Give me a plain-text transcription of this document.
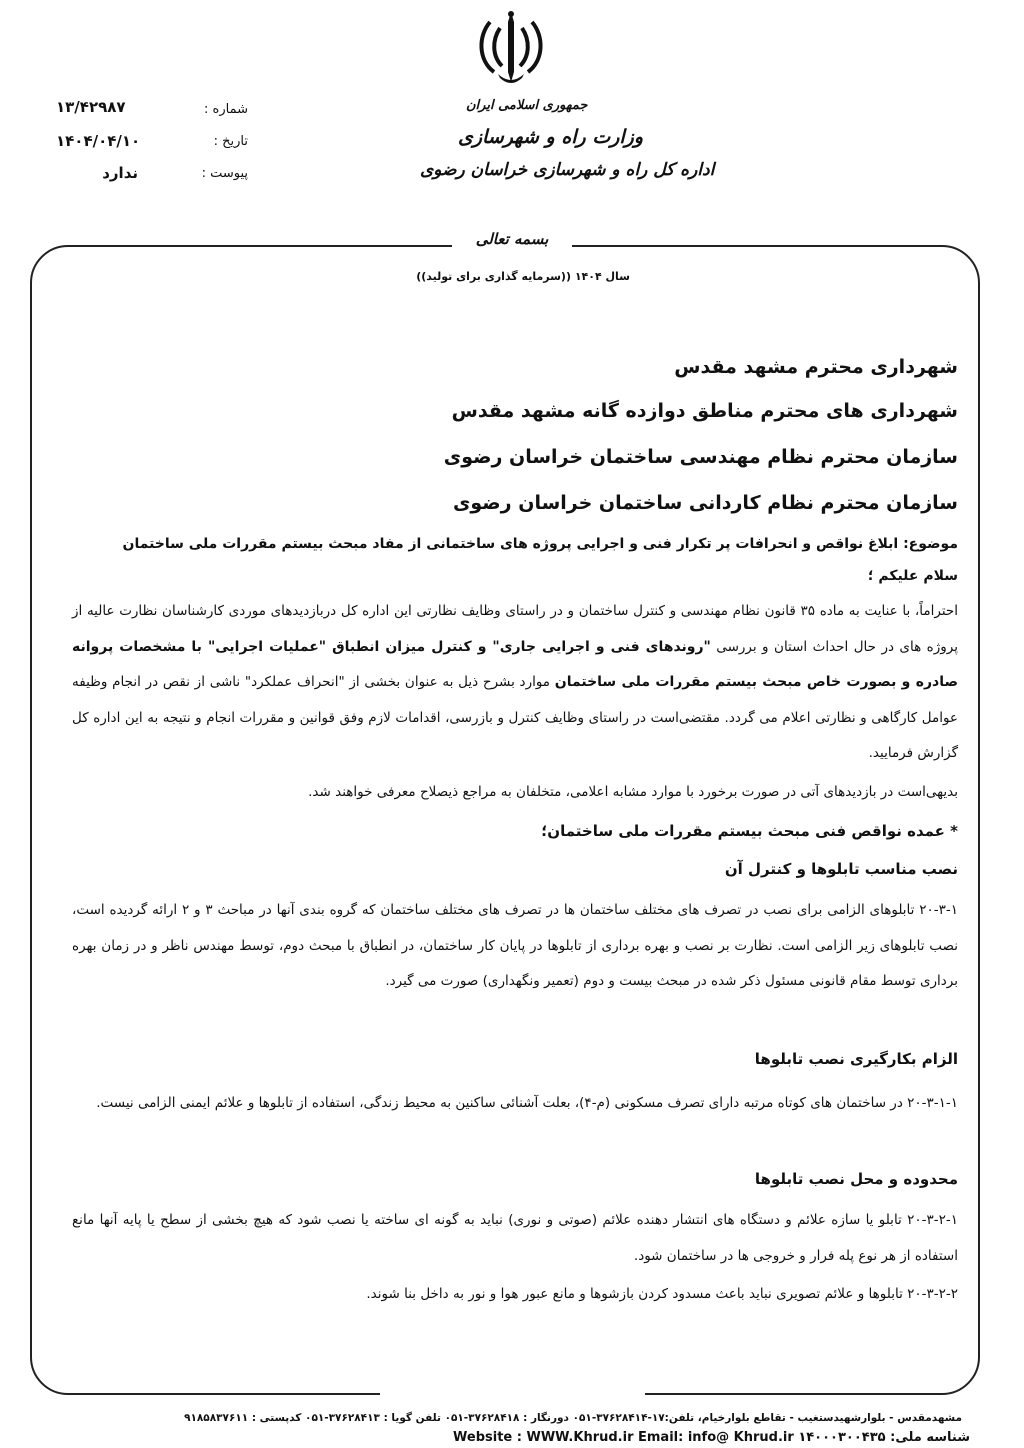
جمهوری اسلامی ایران
وزارت راه و شهرسازی
اداره کل راه و شهرسازی خراسان رضوی
شماره :
۱۳/۴۲۹۸۷
تاریخ :
۱۴۰۴/۰۴/۱۰
پیوست :
ندارد
بسمه تعالی
سال ۱۴۰۴ ((سرمایه گذاری برای تولید))
شهرداری محترم مشهد مقدس
شهرداری های محترم مناطق دوازده گانه مشهد مقدس
سازمان محترم نظام مهندسی ساختمان خراسان رضوی
سازمان محترم نظام کاردانی ساختمان خراسان رضوی
موضوع: ابلاغ نواقص و انحرافات پر تکرار فنی و اجرایی پروژه های ساختمانی از مفاد مبحث بیستم مقررات ملی ساختمان
سلام علیکم ؛
احتراماً، با عنایت به ماده ۳۵ قانون نظام مهندسی و کنترل ساختمان و در راستای وظایف نظارتی این اداره کل دربازدیدهای موردی کارشناسان نظارت عالیه از پروژه های در حال احداث استان و بررسی "روندهای فنی و اجرایی جاری" و کنترل میزان انطباق "عملیات اجرایی" با مشخصات پروانه صادره و بصورت خاص مبحث بیستم مقررات ملی ساختمان موارد بشرح ذیل به عنوان بخشی از "انحراف عملکرد" ناشی از نقص در انجام وظیفه عوامل کارگاهی و نظارتی اعلام می گردد. مقتضی‌است در راستای وظایف کنترل و بازرسی، اقدامات لازم وفق قوانین و مقررات انجام و نتیجه به این اداره کل گزارش فرمایید.
بدیهی‌است در بازدیدهای آتی در صورت برخورد با موارد مشابه اعلامی، متخلفان به مراجع ذیصلاح معرفی خواهند شد.
* عمده نواقص فنی مبحث بیستم مقررات ملی ساختمان؛
نصب مناسب تابلوها و کنترل آن
۲۰-۳-۱ تابلوهای الزامی برای نصب در تصرف های مختلف ساختمان ها در تصرف های مختلف ساختمان که گروه بندی آنها در مباحث ۳ و ۲ ارائه گردیده است، نصب تابلوهای زیر الزامی است. نظارت بر نصب و بهره برداری از تابلوها در پایان کار ساختمان، در انطباق با مبحث دوم، توسط مهندس ناظر و در زمان بهره برداری توسط مقام قانونی مسئول ذکر شده در مبحث بیست و دوم (تعمیر ونگهداری) صورت می گیرد.
الزام بکارگیری نصب تابلوها
۲۰-۳-۱-۱ در ساختمان های کوتاه مرتبه دارای تصرف مسکونی (م-۴)، بعلت آشنائی ساکنین به محیط زندگی، استفاده از تابلوها و علائم ایمنی الزامی نیست.
محدوده و محل نصب تابلوها
۲۰-۳-۲-۱ تابلو یا سازه علائم و دستگاه های انتشار دهنده علائم (صوتی و نوری) نباید به گونه ای ساخته یا نصب شود که هیچ بخشی از سطح یا پایه آنها مانع استفاده از هر نوع پله فرار و خروجی ها در ساختمان شود.
۲۰-۳-۲-۲ تابلوها و علائم تصویری نباید باعث مسدود کردن بازشوها و مانع عبور هوا و نور به داخل بنا شوند.
مشهدمقدس - بلوارشهیدستغیب - تقاطع بلوارخیام، تلفن:۱۷-۳۷۶۲۸۴۱۴-۰۵۱ دورنگار : ۳۷۶۲۸۴۱۸-۰۵۱ تلفن گویا : ۳۷۶۲۸۴۱۳-۰۵۱ کدپستی : ۹۱۸۵۸۳۷۶۱۱
شناسه ملی: ۱۴۰۰۰۳۰۰۴۳۵ Website : WWW.Khrud.ir Email: info@ Khrud.ir
